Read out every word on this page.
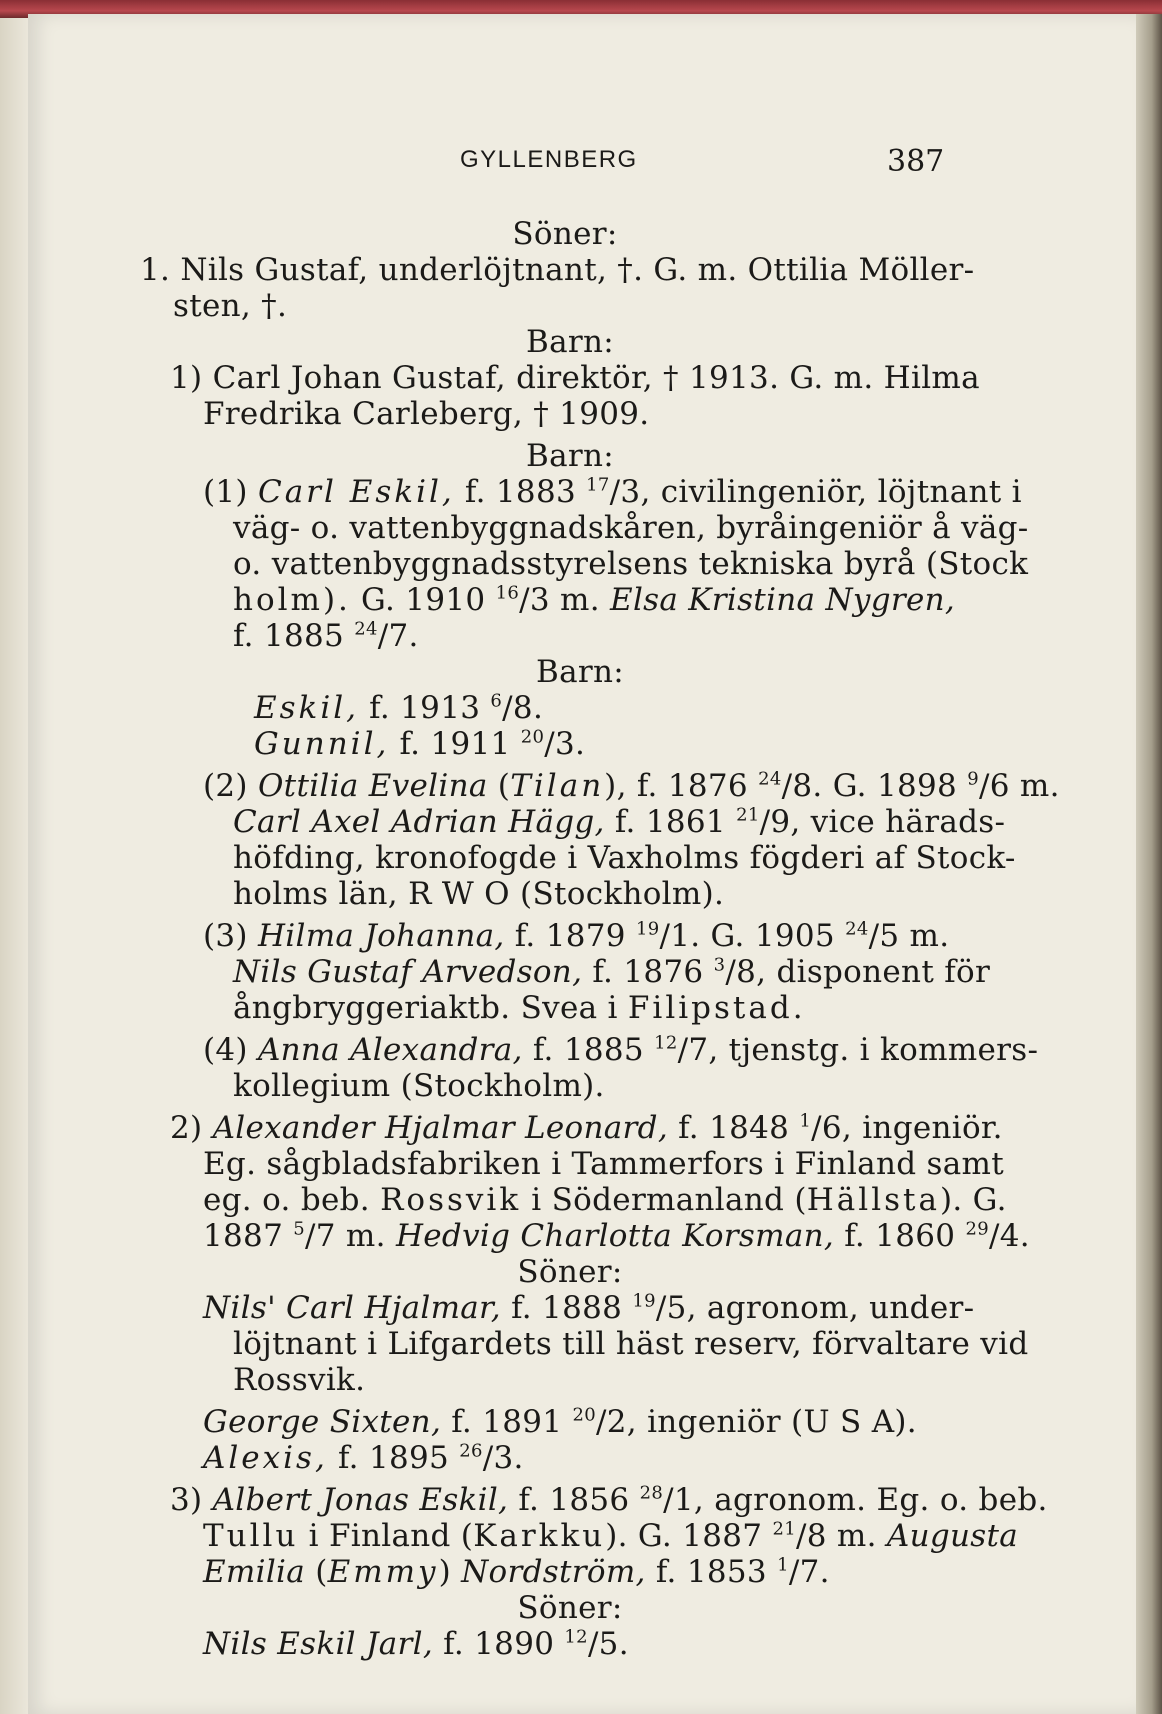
GYLLENBERG	387
Söner:
1. Nils Gustaf, underlöjtnant, †. G. m. Ottilia Möller-
sten, †.
Barn:
1) Carl Johan Gustaf, direktör, † 1913. G. m. Hilma
Fredrika Carleberg, † 1909.
Barn:
(1) Carl Eskil, f. 1883 $^{17}$/3, civilingeniör, löjtnant i
väg- o. vattenbyggnadskåren, byråingeniör å väg-
o. vattenbyggnadsstyrelsens tekniska byrå (Stock
holm). G. 1910 $^{16}$/3 m. Elsa Kristina Nygren,
f. 1885 $^{24}$/7.
Barn:
Eskil, f. 1913 $^6$/8.
Gunnil, f. 1911 $^{20}$/3.
(2) Ottilia Evelina (Tilan), f. 1876 $^{24}$/8. G. 1898 $^9$/6 m.
Carl Axel Adrian Hägg, f. 1861 $^{21}$/9, vice härads-
höfding, kronofogde i Vaxholms fögderi af Stock-
holms län, R W O (Stockholm).
(3) Hilma Johanna, f. 1879 $^{19}$/1. G. 1905 $^{24}$/5 m.
Nils Gustaf Arvedson, f. 1876 $^3$/8, disponent för
ångbryggeriaktb. Svea i Filipstad.
(4) Anna Alexandra, f. 1885 $^{12}$/7, tjenstg. i kommers-
kollegium (Stockholm).
2) Alexander Hjalmar Leonard, f. 1848 $^1$/6, ingeniör.
Eg. sågbladsfabriken i Tammerfors i Finland samt
eg. o. beb. Rossvik i Södermanland (Hällsta). G.
1887 $^5$/7 m. Hedvig Charlotta Korsman, f. 1860 $^{29}$/4.
Söner:
Nils' Carl Hjalmar, f. 1888 $^{19}$/5, agronom, under-
löjtnant i Lifgardets till häst reserv, förvaltare vid
Rossvik.
George Sixten, f. 1891 $^{20}$/2, ingeniör (U S A).
Alexis, f. 1895 $^{26}$/3.
3) Albert Jonas Eskil, f. 1856 $^{28}$/1, agronom. Eg. o. beb.
Tullu i Finland (Karkku). G. 1887 $^{21}$/8 m. Augusta
Emilia (Emmy) Nordström, f. 1853 $^1$/7.
Söner:
Nils Eskil Jarl, f. 1890 $^{12}$/5.
